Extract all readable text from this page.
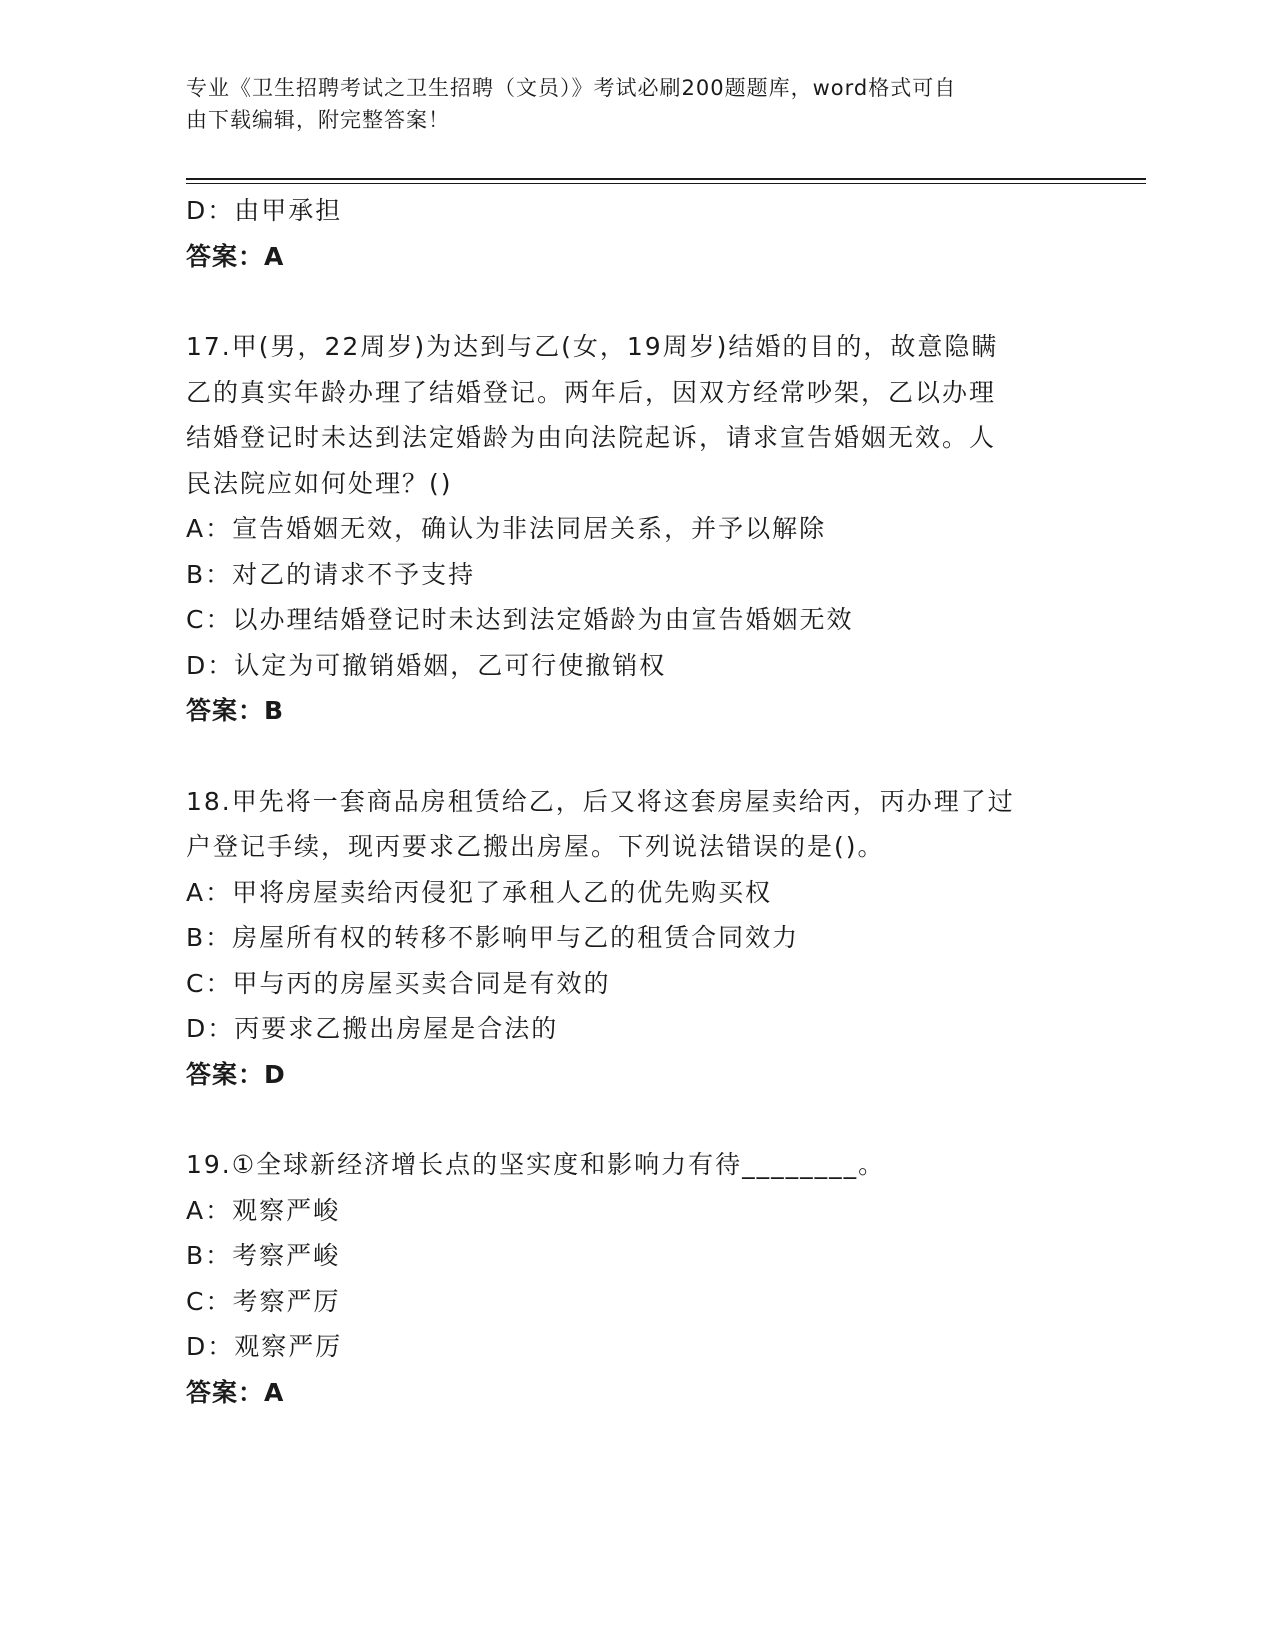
专业《卫生招聘考试之卫生招聘（文员）》考试必刷200题题库，word格式可自
由下载编辑，附完整答案！
D：由甲承担
答案：A
17.甲(男，22周岁)为达到与乙(女，19周岁)结婚的目的，故意隐瞒
乙的真实年龄办理了结婚登记。两年后，因双方经常吵架，乙以办理
结婚登记时未达到法定婚龄为由向法院起诉，请求宣告婚姻无效。人
民法院应如何处理？()
A：宣告婚姻无效，确认为非法同居关系，并予以解除
B：对乙的请求不予支持
C：以办理结婚登记时未达到法定婚龄为由宣告婚姻无效
D：认定为可撤销婚姻，乙可行使撤销权
答案：B
18.甲先将一套商品房租赁给乙，后又将这套房屋卖给丙，丙办理了过
户登记手续，现丙要求乙搬出房屋。下列说法错误的是()。
A：甲将房屋卖给丙侵犯了承租人乙的优先购买权
B：房屋所有权的转移不影响甲与乙的租赁合同效力
C：甲与丙的房屋买卖合同是有效的
D：丙要求乙搬出房屋是合法的
答案：D
19.①全球新经济增长点的坚实度和影响力有待________。
A：观察严峻
B：考察严峻
C：考察严厉
D：观察严厉
答案：A
